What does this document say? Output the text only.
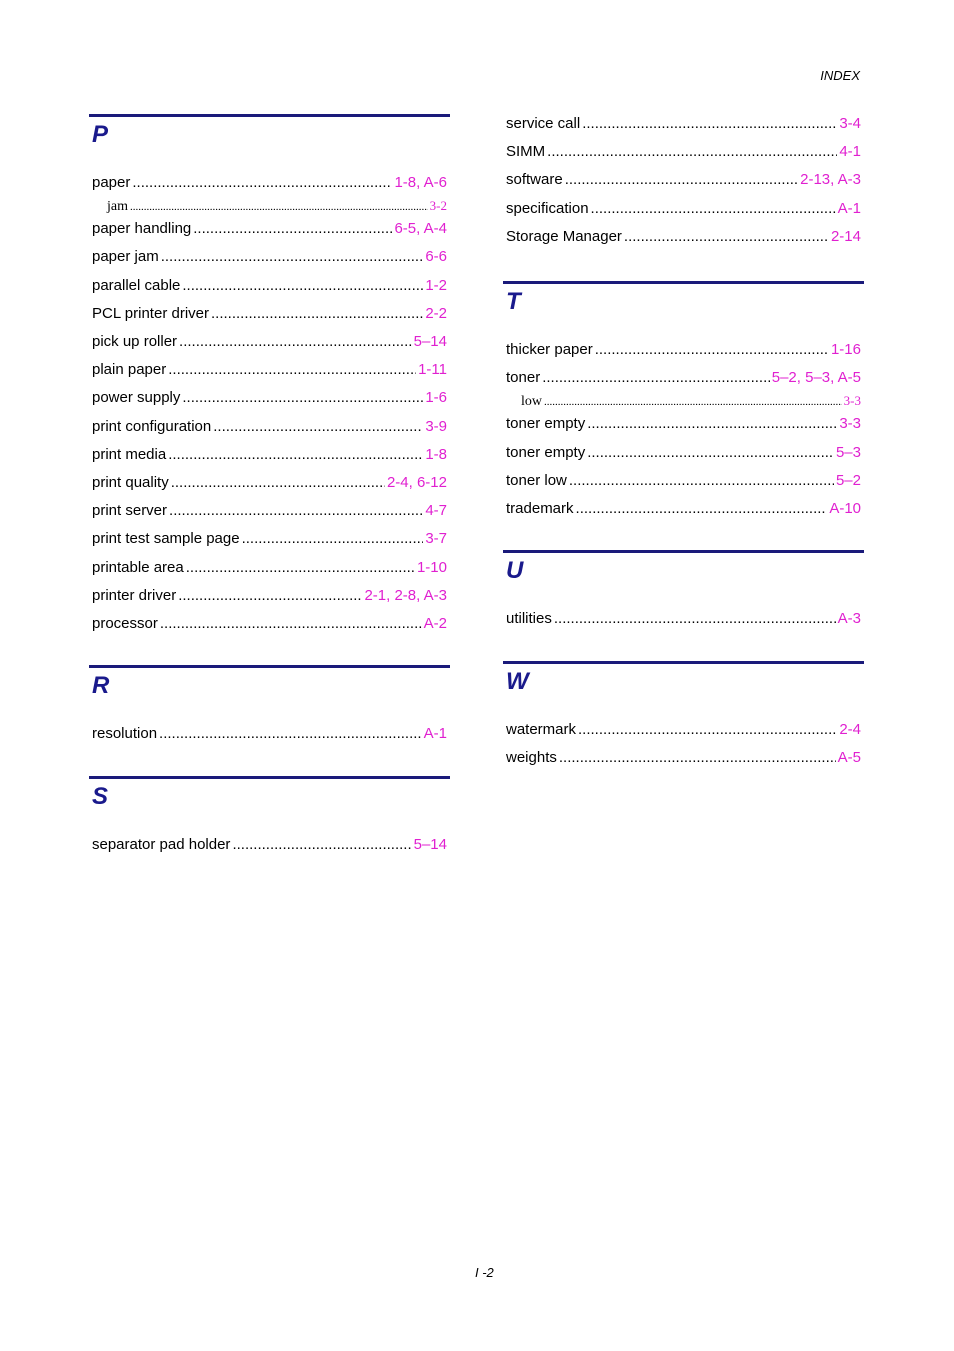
INDEX
P
paper .....	1-8, A-6
jam .....	3-2
paper handling .....	6-5, A-4
paper jam .....	6-6
parallel cable .....	1-2
PCL printer driver .....	2-2
pick up roller .....	5–14
plain paper .....	1-11
power supply .....	1-6
print configuration .....	3-9
print media .....	1-8
print quality .....	2-4, 6-12
print server .....	4-7
print test sample page .....	3-7
printable area .....	1-10
printer driver .....	2-1, 2-8, A-3
processor .....	A-2
R
resolution .....	A-1
S
separator pad holder .....	5–14
service call .....	3-4
SIMM .....	4-1
software .....	2-13, A-3
specification .....	A-1
Storage Manager .....	2-14
T
thicker paper .....	1-16
toner .....	5–2, 5–3, A-5
low .....	3-3
toner empty .....	3-3
toner empty .....	5–3
toner low .....	5–2
trademark .....	A-10
U
utilities .....	A-3
W
watermark .....	2-4
weights .....	A-5
I -2
